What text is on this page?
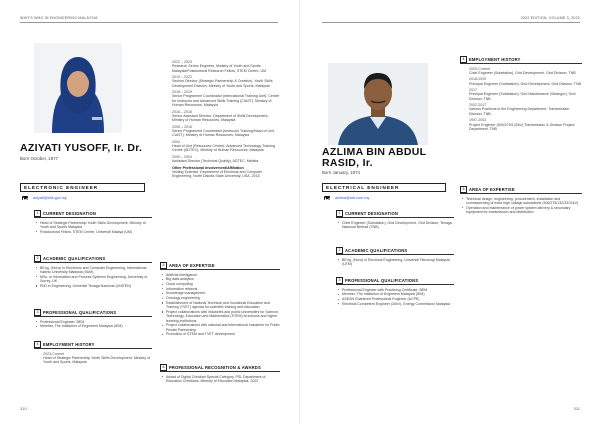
WHO'S WHO IN ENGINEERING MALAYSIA
AZIYATI YUSOFF, Ir. Dr.
Born October, 1977
ELECTRONIC ENGINEER
aziyati@bhk.gov.my
1	CURRENT DESIGNATION
Head of Strategic Partnership Youth Skills Development, Ministry of Youth and Sports Malaysia
Postdoctoral Fellow, STEM Centre, Universiti Malaya (UM)
2	ACADEMIC QUALIFICATIONS
BEng. (Hons) in Electronic and Computer Engineering, International Islamic University Malaysia (IIUM)
MSc. in Information and Process Systems Engineering, University of Surrey, UK
PhD in Engineering, Universiti Tenaga Nasional (UNITEN)
3	PROFESSIONAL QUALIFICATIONS
Professional Engineer, BEM
Member, The Institution of Engineers Malaysia (IEM)
4	EMPLOYMENT HISTORY
2023-Current
Head of Strategic Partnership Youth Skills Development, Ministry of Youth and Sports, Malaysia
2022 – 2023
Research Senior Engineer, Ministry of Youth and Sports Malaysia/Postdoctoral Research Fellow, STEM Centre, UM
2019 – 2022
Section Director (Strategic Partnership & Creative), Youth Skills Development Division, Ministry of Youth and Sports, Malaysia
2018 – 2019
Senior Programme Coordinator (International Training Unit), Centre for Instructor and Advanced Skills Training (CIAST), Ministry of Human Resources, Malaysia
2016 – 2018
Senior Assistant Director, Department of Skills Development, Ministry of Human Resources, Malaysia
2006 – 2016
Senior Programme Coordinator (Instructor Training/Head of Unit, CIAST), Ministry of Human Resources, Malaysia
2004
Head of Unit (Resources Centre), Advanced Technology Training Centre (ADTEC), Ministry of Human Resources, Malaysia
2000 – 2004
Assistant Director (Technical Quality), ADTEC, Melaka
Other Professional Involvement/Affiliation
Visiting Scientist, Department of Electrical and Computer Engineering, North Dakota State University, USA, 2015
5	AREA OF EXPERTISE
Artificial intelligence
Big data analytics
Cloud computing
Information retrieval
Knowledge management
Ontology engineering
Establishment of National Technical and Vocational Education and Training (TVET) agenda for scientific training and education
Project collaborations with industries and public universities for Science, Technology, Education and Mathematics (STEM) at schools and higher learning institutions
Project collaborations with national and international industries for Public Private Partnership
Promotion of STEM and TVET development
6	PROFESSIONAL RECOGNITION & AWARDS
Award of Digital Christian Special Category, PSL Department of Education Christians, Ministry of Education Malaysia, 2022
310
2022 EDITION, VOLUME 3, 2022
AZLIMA BIN ABDUL RASID, Ir.
Born January, 1974
ELECTRICAL ENGINEER
azlima@tnb.com.my
1	CURRENT DESIGNATION
Chief Engineer (Substation), Grid Development, Grid Division, Tenaga Nasional Berhad (TNB)
2	ACADEMIC QUALIFICATIONS
BEng. (Hons) in Electrical Engineering, Universiti Teknologi Malaysia (UTM)
3	PROFESSIONAL QUALIFICATIONS
Professional Engineer with Practising Certificate, BEM
Member, The Institution of Engineers Malaysia (IEM)
ASEAN Chartered Professional Engineer (ACPE)
Electrical Competent Engineer (30kV), Energy Commission Malaysia
4	EMPLOYMENT HISTORY
2020-Current
Chief Engineer (Substation), Grid Development, Grid Division, TNB
2018-2020
Principal Engineer (Substation), Grid Development, Grid Division, TNB
2017
Principal Engineer (Substation), Grid Maintenance (Selangor), Grid Division, TNB
2002-2017
Various Positions in the Engineering Department, Transmission Division, TNB
1997-2002
Project Engineer (500/275/132kV) Transmission & Division Project Department, TNB
5	AREA OF EXPERTISE
Technical design, engineering, procurement, installation and commissioning of extra high voltage substations (500/275/132/33/11kV)
Operation and maintenance of power system delivery & secondary equipment for transmission and distribution
311
